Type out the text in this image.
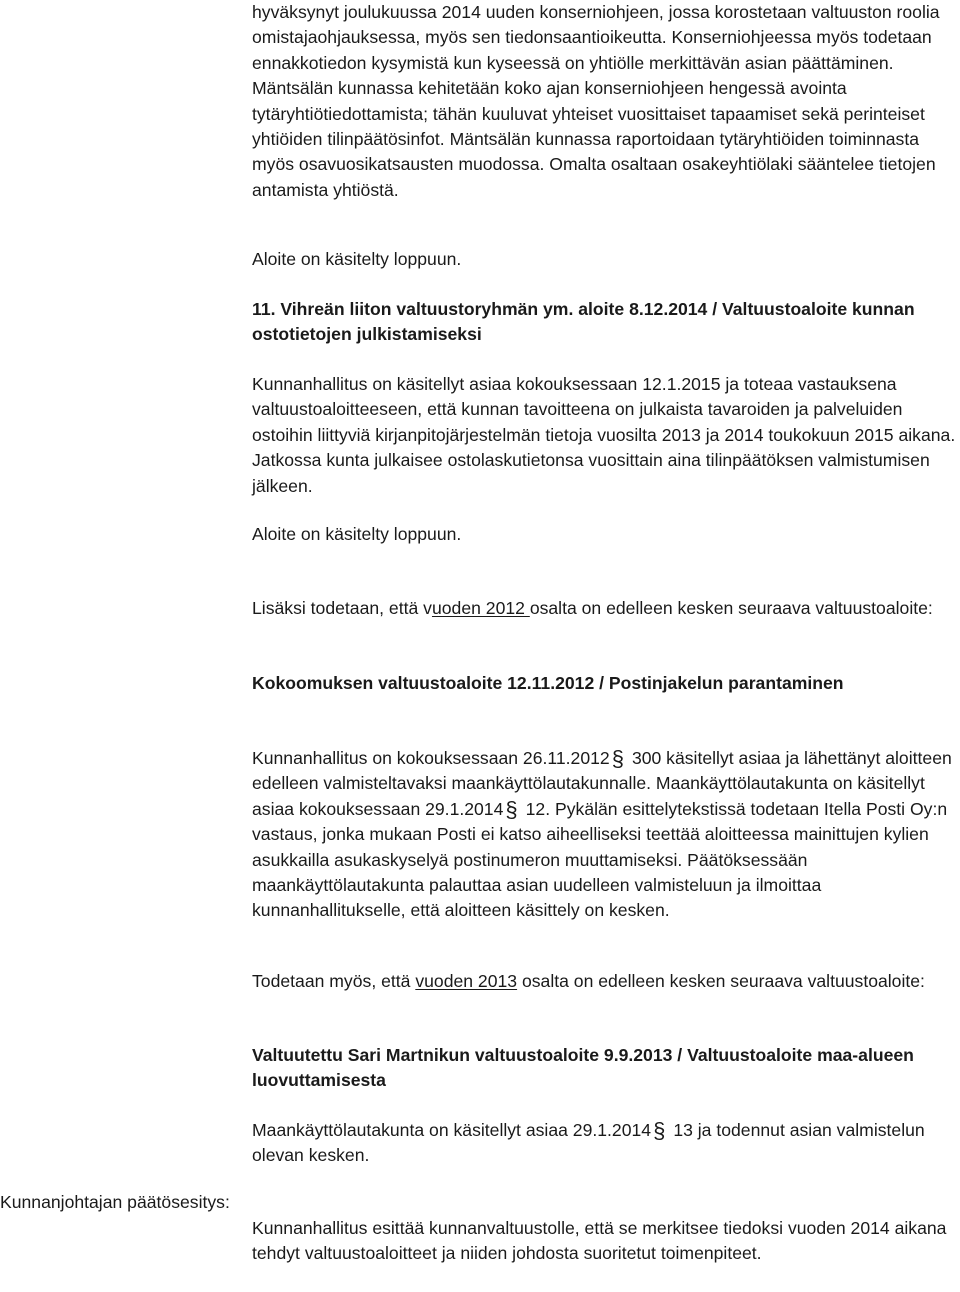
hyväksynyt joulukuussa 2014 uuden konserniohjeen, jossa korostetaan valtuuston roolia omistajaohjauksessa, myös sen tiedonsaantioikeutta. Konserniohjeessa myös todetaan ennakkotiedon kysymistä kun kyseessä on yhtiölle merkittävän asian päättäminen. Mäntsälän kunnassa kehitetään koko ajan konserniohjeen hengessä avointa tytäryhtiötiedottamista; tähän kuuluvat yhteiset vuosittaiset tapaamiset sekä perinteiset yhtiöiden tilinpäätösinfot. Mäntsälän kunnassa raportoidaan tytäryhtiöiden toiminnasta myös osavuosikatsausten muodossa. Omalta osaltaan osakeyhtiölaki sääntelee tietojen antamista yhtiöstä.

Aloite on käsitelty loppuun.

11. Vihreän liiton valtuustoryhmän ym. aloite 8.12.2014 / Valtuustoaloite kunnan ostotietojen julkistamiseksi

Kunnanhallitus on käsitellyt asiaa kokouksessaan 12.1.2015 ja toteaa vastauksena valtuustoaloitteeseen, että kunnan tavoitteena on julkaista tavaroiden ja palveluiden ostoihin liittyviä kirjanpitojärjestelmän tietoja vuosilta 2013 ja 2014 toukokuun 2015 aikana. Jatkossa kunta julkaisee ostolaskutietonsa vuosittain aina tilinpäätöksen valmistumisen jälkeen.

Aloite on käsitelty loppuun.

Lisäksi todetaan, että vuoden 2012 osalta on edelleen kesken seuraava valtuustoaloite:

Kokoomuksen valtuustoaloite 12.11.2012 / Postinjakelun parantaminen

Kunnanhallitus on kokouksessaan 26.11.2012§ 300 käsitellyt asiaa ja lähettänyt aloitteen edelleen valmisteltavaksi maankäyttölautakunnalle. Maankäyttölautakunta on käsitellyt asiaa kokouksessaan 29.1.2014§ 12. Pykälän esittelytekstissä todetaan Itella Posti Oy:n vastaus, jonka mukaan Posti ei katso aiheelliseksi teettää aloitteessa mainittujen kylien asukkailla asukaskyselyä postinumeron muuttamiseksi. Päätöksessään maankäyttölautakunta palauttaa asian uudelleen valmisteluun ja ilmoittaa kunnanhallitukselle, että aloitteen käsittely on kesken.

Todetaan myös, että vuoden 2013 osalta on edelleen kesken seuraava valtuustoaloite:

Valtuutettu Sari Martnikun valtuustoaloite 9.9.2013 / Valtuustoaloite maa-alueen luovuttamisesta

Maankäyttölautakunta on käsitellyt asiaa 29.1.2014§ 13 ja todennut asian valmistelun olevan kesken.

Kunnanjohtajan päätösesitys:

Kunnanhallitus esittää kunnanvaltuustolle, että se merkitsee tiedoksi vuoden 2014 aikana tehdyt valtuustoaloitteet ja niiden johdosta suoritetut toimenpiteet.
